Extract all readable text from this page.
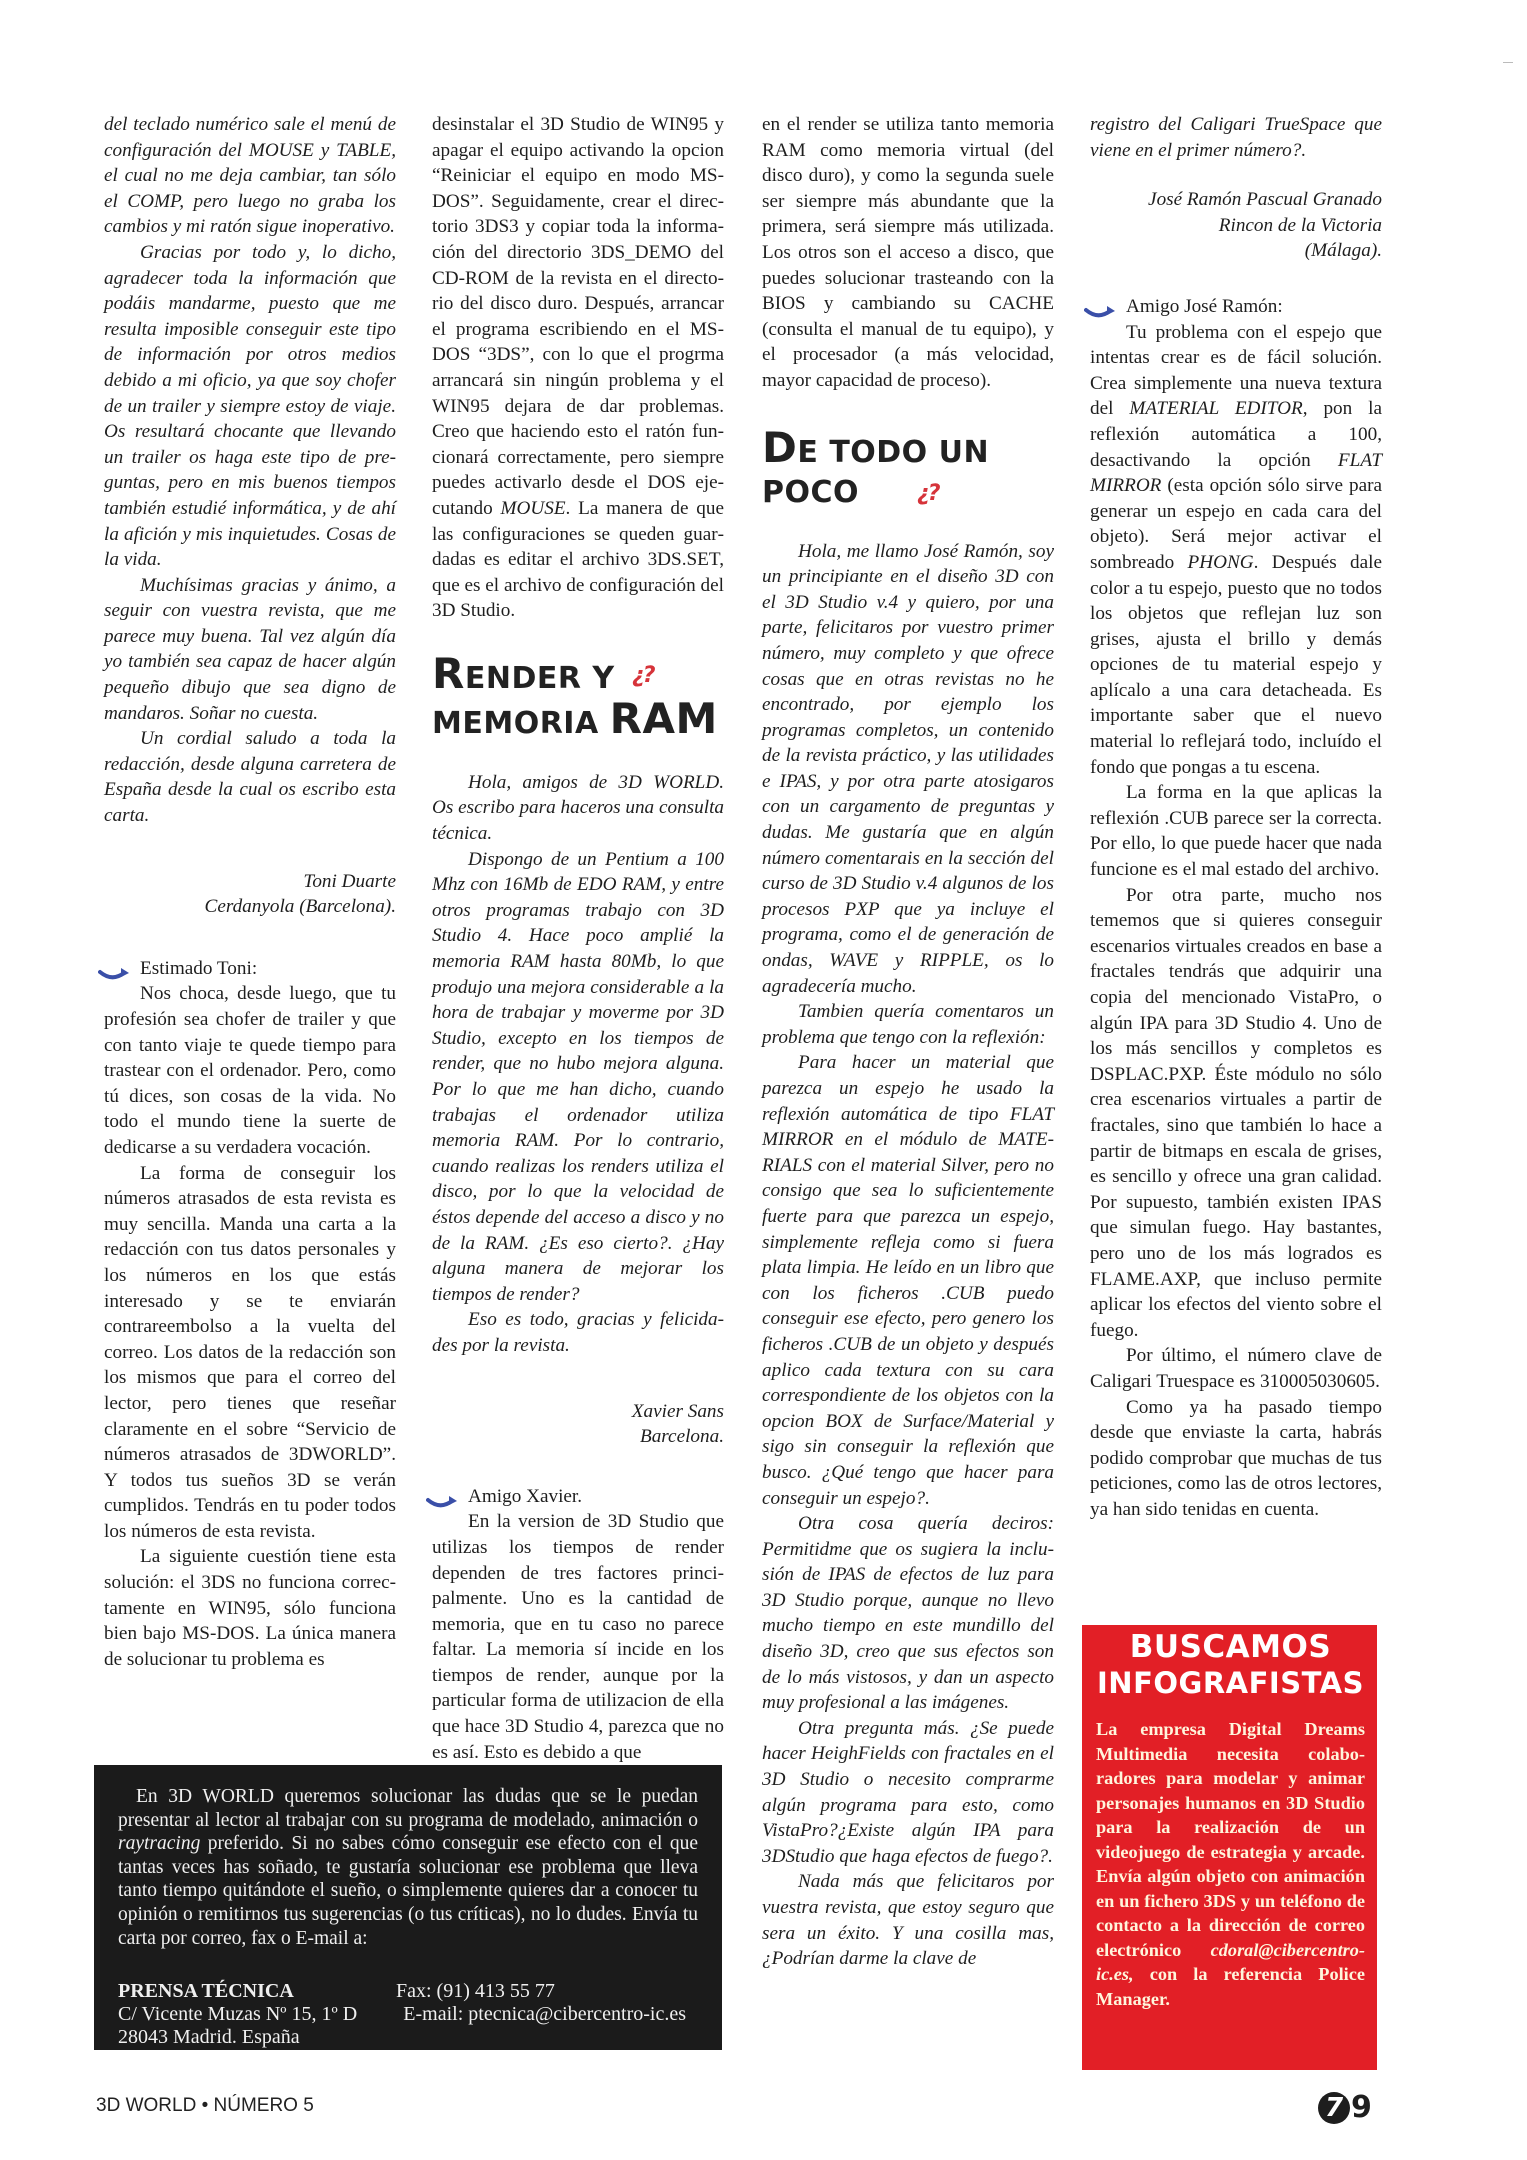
del teclado numérico sale el menú de configuración del MOUSE y TABLE, el cual no me deja cambiar, tan sólo el COMP, pero luego no graba los cambios y mi ratón sigue inoperativo.

Gracias por todo y, lo dicho, agradecer toda la información que podáis mandarme, puesto que me resulta imposible conseguir este tipo de información por otros medios debido a mi oficio, ya que soy chofer de un trailer y siempre estoy de viaje. Os resultará chocante que llevando un trailer os haga este tipo de preguntas, pero en mis buenos tiempos también estudié informática, y de ahí la afición y mis inquietudes. Cosas de la vida.

Muchísimas gracias y ánimo, a seguir con vuestra revista, que me parece muy buena. Tal vez algún día yo también sea capaz de hacer algún pequeño dibujo que sea digno de mandaros. Soñar no cuesta.

Un cordial saludo a toda la redacción, desde alguna carretera de España desde la cual os escribo esta carta.

Toni Duarte
Cerdanyola (Barcelona).

Estimado Toni:

Nos choca, desde luego, que tu profesión sea chofer de trailer y que con tanto viaje te quede tiempo para trastear con el ordenador. Pero, como tú dices, son cosas de la vida. No todo el mundo tiene la suerte de dedicarse a su verdadera vocación.

La forma de conseguir los números atrasados de esta revista es muy sencilla. Manda una carta a la redacción con tus datos personales y los números en los que estás interesado y se te enviarán contrareembolso a la vuelta del correo. Los datos de la redacción son los mismos que para el correo del lector, pero tienes que reseñar claramente en el sobre “Servicio de números atrasados de 3DWORLD”. Y todos tus sueños 3D se verán cumplidos. Tendrás en tu poder todos los números de esta revista.

La siguiente cuestión tiene esta solución: el 3DS no funciona correctamente en WIN95, sólo funciona bien bajo MS-DOS. La única manera de solucionar tu problema es

desinstalar el 3D Studio de WIN95 y apagar el equipo activando la opcion “Reiniciar el equipo en modo MS-DOS”. Seguidamente, crear el directorio 3DS3 y copiar toda la información del directorio 3DS_DEMO del CD-ROM de la revista en el directorio del disco duro. Después, arrancar el programa escribiendo en el MS-DOS “3DS”, con lo que el progrma arrancará sin ningún problema y el WIN95 dejara de dar problemas. Creo que haciendo esto el ratón funcionará correctamente, pero siempre puedes activarlo desde el DOS ejecutando MOUSE. La manera de que las configuraciones se queden guardadas es editar el archivo 3DS.SET, que es el archivo de configuración del 3D Studio.

RENDER Y ¿?

MEMORIA RAM

Hola, amigos de 3D WORLD. Os escribo para haceros una consulta técnica.

Dispongo de un Pentium a 100 Mhz con 16Mb de EDO RAM, y entre otros programas trabajo con 3D Studio 4. Hace poco amplié la memoria RAM hasta 80Mb, lo que produjo una mejora considerable a la hora de trabajar y moverme por 3D Studio, excepto en los tiempos de render, que no hubo mejora alguna. Por lo que me han dicho, cuando trabajas el ordenador utiliza memoria RAM. Por lo contrario, cuando realizas los renders utiliza el disco, por lo que la velocidad de éstos depende del acceso a disco y no de la RAM. ¿Es eso cierto?. ¿Hay alguna manera de mejorar los tiempos de render?

Eso es todo, gracias y felicidades por la revista.

Xavier Sans
Barcelona.

Amigo Xavier.

En la version de 3D Studio que utilizas los tiempos de render dependen de tres factores principalmente. Uno es la cantidad de memoria, que en tu caso no parece faltar. La memoria sí incide en los tiempos de render, aunque por la particular forma de utilizacion de ella que hace 3D Studio 4, parezca que no es así. Esto es debido a que

en el render se utiliza tanto memoria RAM como memoria virtual (del disco duro), y como la segunda suele ser siempre más abundante que la primera, será siempre más utilizada. Los otros son el acceso a disco, que puedes solucionar trasteando con la BIOS y cambiando su CACHE (consulta el manual de tu equipo), y el procesador (a más velocidad, mayor capacidad de proceso).

DE TODO UN
POCO	¿?

Hola, me llamo José Ramón, soy un principiante en el diseño 3D con el 3D Studio v.4 y quiero, por una parte, felicitaros por vuestro primer número, muy completo y que ofrece cosas que en otras revistas no he encontrado, por ejemplo los programas completos, un contenido de la revista práctico, y las utilidades e IPAS, y por otra parte atosigaros con un cargamento de preguntas y dudas. Me gustaría que en algún número comentarais en la sección del curso de 3D Studio v.4 algunos de los procesos PXP que ya incluye el programa, como el de generación de ondas, WAVE y RIPPLE, os lo agradecería mucho.

Tambien quería comentaros un problema que tengo con la reflexión:

Para hacer un material que parezca un espejo he usado la reflexión automática de tipo FLAT MIRROR en el módulo de MATERIALS con el material Silver, pero no consigo que sea lo suficientemente fuerte para que parezca un espejo, simplemente refleja como si fuera plata limpia. He leído en un libro que con los ficheros .CUB puedo conseguir ese efecto, pero genero los ficheros .CUB de un objeto y después aplico cada textura con su cara correspondiente de los objetos con la opcion BOX de Surface/Material y sigo sin conseguir la reflexión que busco. ¿Qué tengo que hacer para conseguir un espejo?.

Otra cosa quería deciros: Permitidme que os sugiera la inclusión de IPAS de efectos de luz para 3D Studio porque, aunque no llevo mucho tiempo en este mundillo del diseño 3D, creo que sus efectos son de lo más vistosos, y dan un aspecto muy profesional a las imágenes.

Otra pregunta más. ¿Se puede hacer HeighFields con fractales en el 3D Studio o necesito comprarme algún programa para esto, como VistaPro?¿Existe algún IPA para 3DStudio que haga efectos de fuego?.

Nada más que felicitaros por vuestra revista, que estoy seguro que sera un éxito. Y una cosilla mas, ¿Podrían darme la clave de

registro del Caligari TrueSpace que viene en el primer número?.

José Ramón Pascual Granado
Rincon de la Victoria
(Málaga).

Amigo José Ramón:

Tu problema con el espejo que intentas crear es de fácil solución. Crea simplemente una nueva textura del MATERIAL EDITOR, pon la reflexión automática a 100, desactivando la opción FLAT MIRROR (esta opción sólo sirve para generar un espejo en cada cara del objeto). Será mejor activar el sombreado PHONG. Después dale color a tu espejo, puesto que no todos los objetos que reflejan luz son grises, ajusta el brillo y demás opciones de tu material espejo y aplícalo a una cara detacheada. Es importante saber que el nuevo material lo reflejará todo, incluído el fondo que pongas a tu escena.

La forma en la que aplicas la reflexión .CUB parece ser la correcta. Por ello, lo que puede hacer que nada funcione es el mal estado del archivo.

Por otra parte, mucho nos tememos que si quieres conseguir escenarios virtuales creados en base a fractales tendrás que adquirir una copia del mencionado VistaPro, o algún IPA para 3D Studio 4. Uno de los más sencillos y completos es DSPLAC.PXP. Éste módulo no sólo crea escenarios virtuales a partir de fractales, sino que también lo hace a partir de bitmaps en escala de grises, es sencillo y ofrece una gran calidad. Por supuesto, también existen IPAS que simulan fuego. Hay bastantes, pero uno de los más logrados es FLAME.AXP, que incluso permite aplicar los efectos del viento sobre el fuego.

Por último, el número clave de Caligari Truespace es 310005030605.

Como ya ha pasado tiempo desde que enviaste la carta, habrás podido comprobar que muchas de tus peticiones, como las de otros lectores, ya han sido tenidas en cuenta.

En 3D WORLD queremos solucionar las dudas que se le puedan presentar al lector al trabajar con su programa de modelado, animación o raytracing preferido. Si no sabes cómo conseguir ese efecto con el que tantas veces has soñado, te gustaría solucionar ese problema que lleva tanto tiempo quitándote el sueño, o simplemente quieres dar a conocer tu opinión o remitirnos tus sugerencias (o tus críticas), no lo dudes. Envía tu carta por correo, fax o E-mail a:

PRENSA TÉCNICA
C/ Vicente Muzas Nº 15, 1º D
28043 Madrid. España
Fax: (91) 413 55 77
E-mail: ptecnica@cibercentro-ic.es
BUSCAMOS
INFOGRAFISTAS
La empresa Digital Dreams Multimedia necesita colaboradores para modelar y animar personajes humanos en 3D Studio para la realización de un videojuego de estrategia y arcade. Envía algún objeto con animación en un fichero 3DS y un teléfono de contacto a la dirección de correo electrónico cdoral@cibercentro-ic.es, con la referencia Police Manager.
3D WORLD • NÚMERO 5	7 9
